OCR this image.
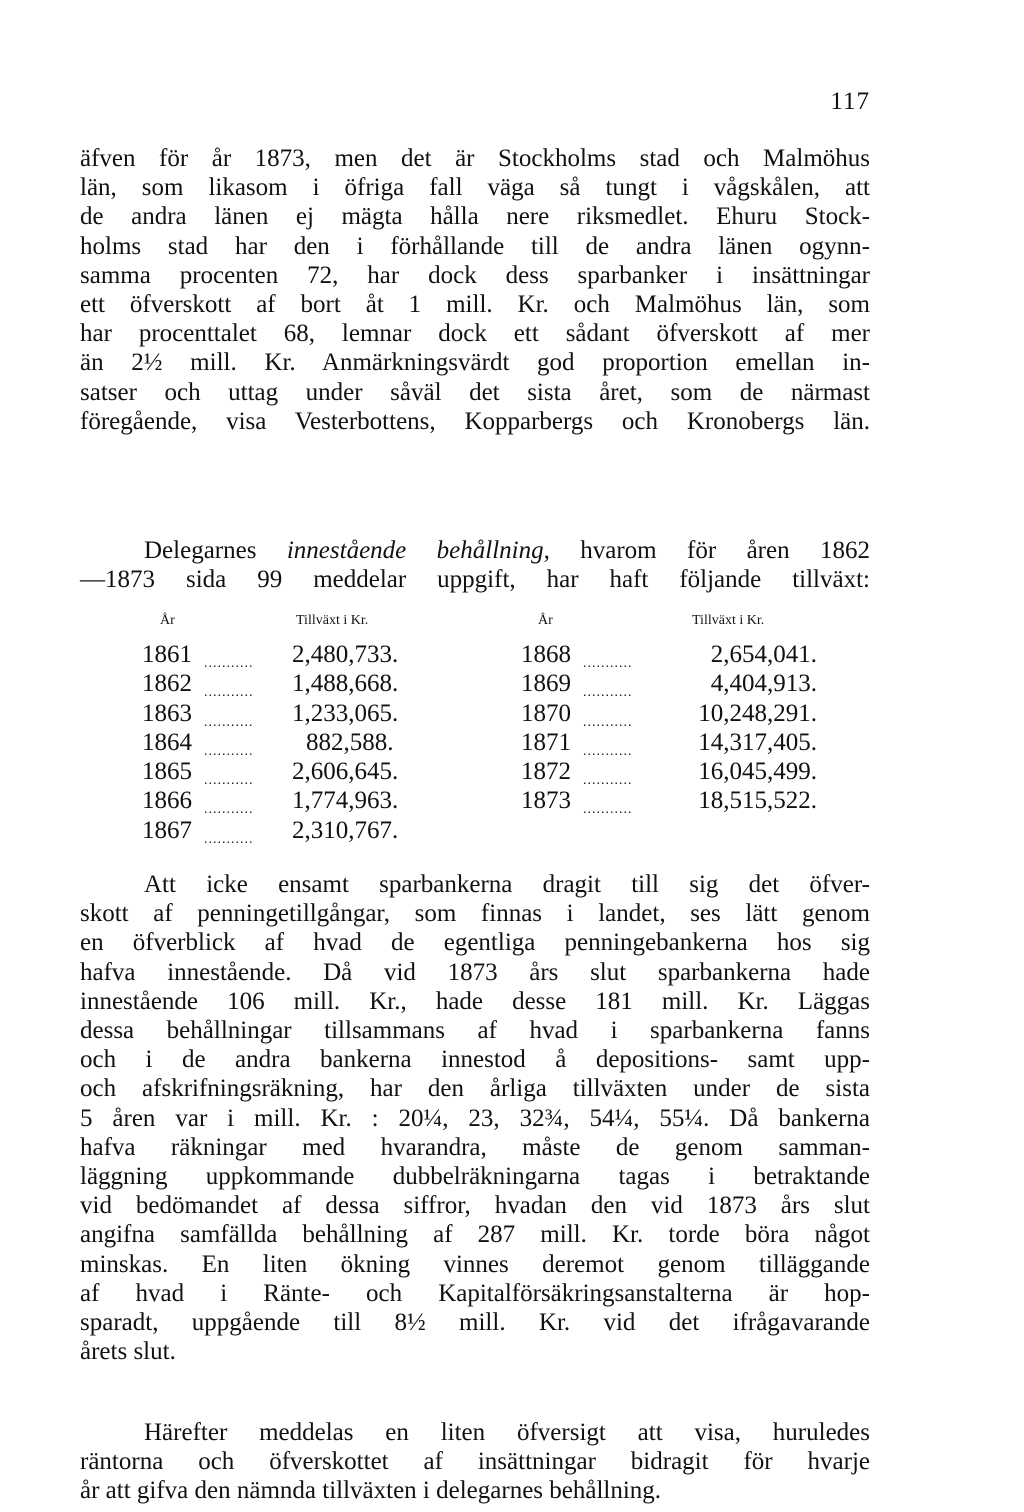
117
äfven för år 1873, men det är Stockholms stad och Malmöhus
län, som likasom i öfriga fall väga så tungt i vågskålen, att
de andra länen ej mägta hålla nere riksmedlet. Ehuru Stock-
holms stad har den i förhållande till de andra länen ogynn-
samma procenten 72, har dock dess sparbanker i insättningar
ett öfverskott af bort åt 1 mill. Kr. och Malmöhus län, som
har procenttalet 68, lemnar dock ett sådant öfverskott af mer
än 2½ mill. Kr. Anmärkningsvärdt god proportion emellan in-
satser och uttag under såväl det sista året, som de närmast
föregående, visa Vesterbottens, Kopparbergs och Kronobergs län.
Delegarnes innestående behållning, hvarom för åren 1862
—1873 sida 99 meddelar uppgift, har haft följande tillväxt:
År	Tillväxt i Kr.	År	Tillväxt i Kr.
1861 ........... 2,480,733.
1862 ........... 1,488,668.
1863 ........... 1,233,065.
1864 ........... 882,588.
1865 ........... 2,606,645.
1866 ........... 1,774,963.
1867 ........... 2,310,767.
1868 ...........	2,654,041.
1869 ...........	4,404,913.
1870 ...........	10,248,291.
1871 ...........	14,317,405.
1872 ...........	16,045,499.
1873 ...........	18,515,522.
Att icke ensamt sparbankerna dragit till sig det öfver-
skott af penningetillgångar, som finnas i landet, ses lätt genom
en öfverblick af hvad de egentliga penningebankerna hos sig
hafva innestående. Då vid 1873 års slut sparbankerna hade
innestående 106 mill. Kr., hade desse 181 mill. Kr. Läggas
dessa behållningar tillsammans af hvad i sparbankerna fanns
och i de andra bankerna innestod å depositions- samt upp-
och afskrifningsräkning, har den årliga tillväxten under de sista
5 åren var i mill. Kr. : 20¼, 23, 32¾, 54¼, 55¼. Då bankerna
hafva räkningar med hvarandra, måste de genom samman-
läggning uppkommande dubbelräkningarna tagas i betraktande
vid bedömandet af dessa siffror, hvadan den vid 1873 års slut
angifna samfällda behållning af 287 mill. Kr. torde böra något
minskas. En liten ökning vinnes deremot genom tilläggande
af hvad i Ränte- och Kapitalförsäkringsanstalterna är hop-
sparadt, uppgående till 8½ mill. Kr. vid det ifrågavarande
årets slut.
Härefter meddelas en liten öfversigt att visa, huruledes
räntorna och öfverskottet af insättningar bidragit för hvarje
år att gifva den nämnda tillväxten i delegarnes behållning.
